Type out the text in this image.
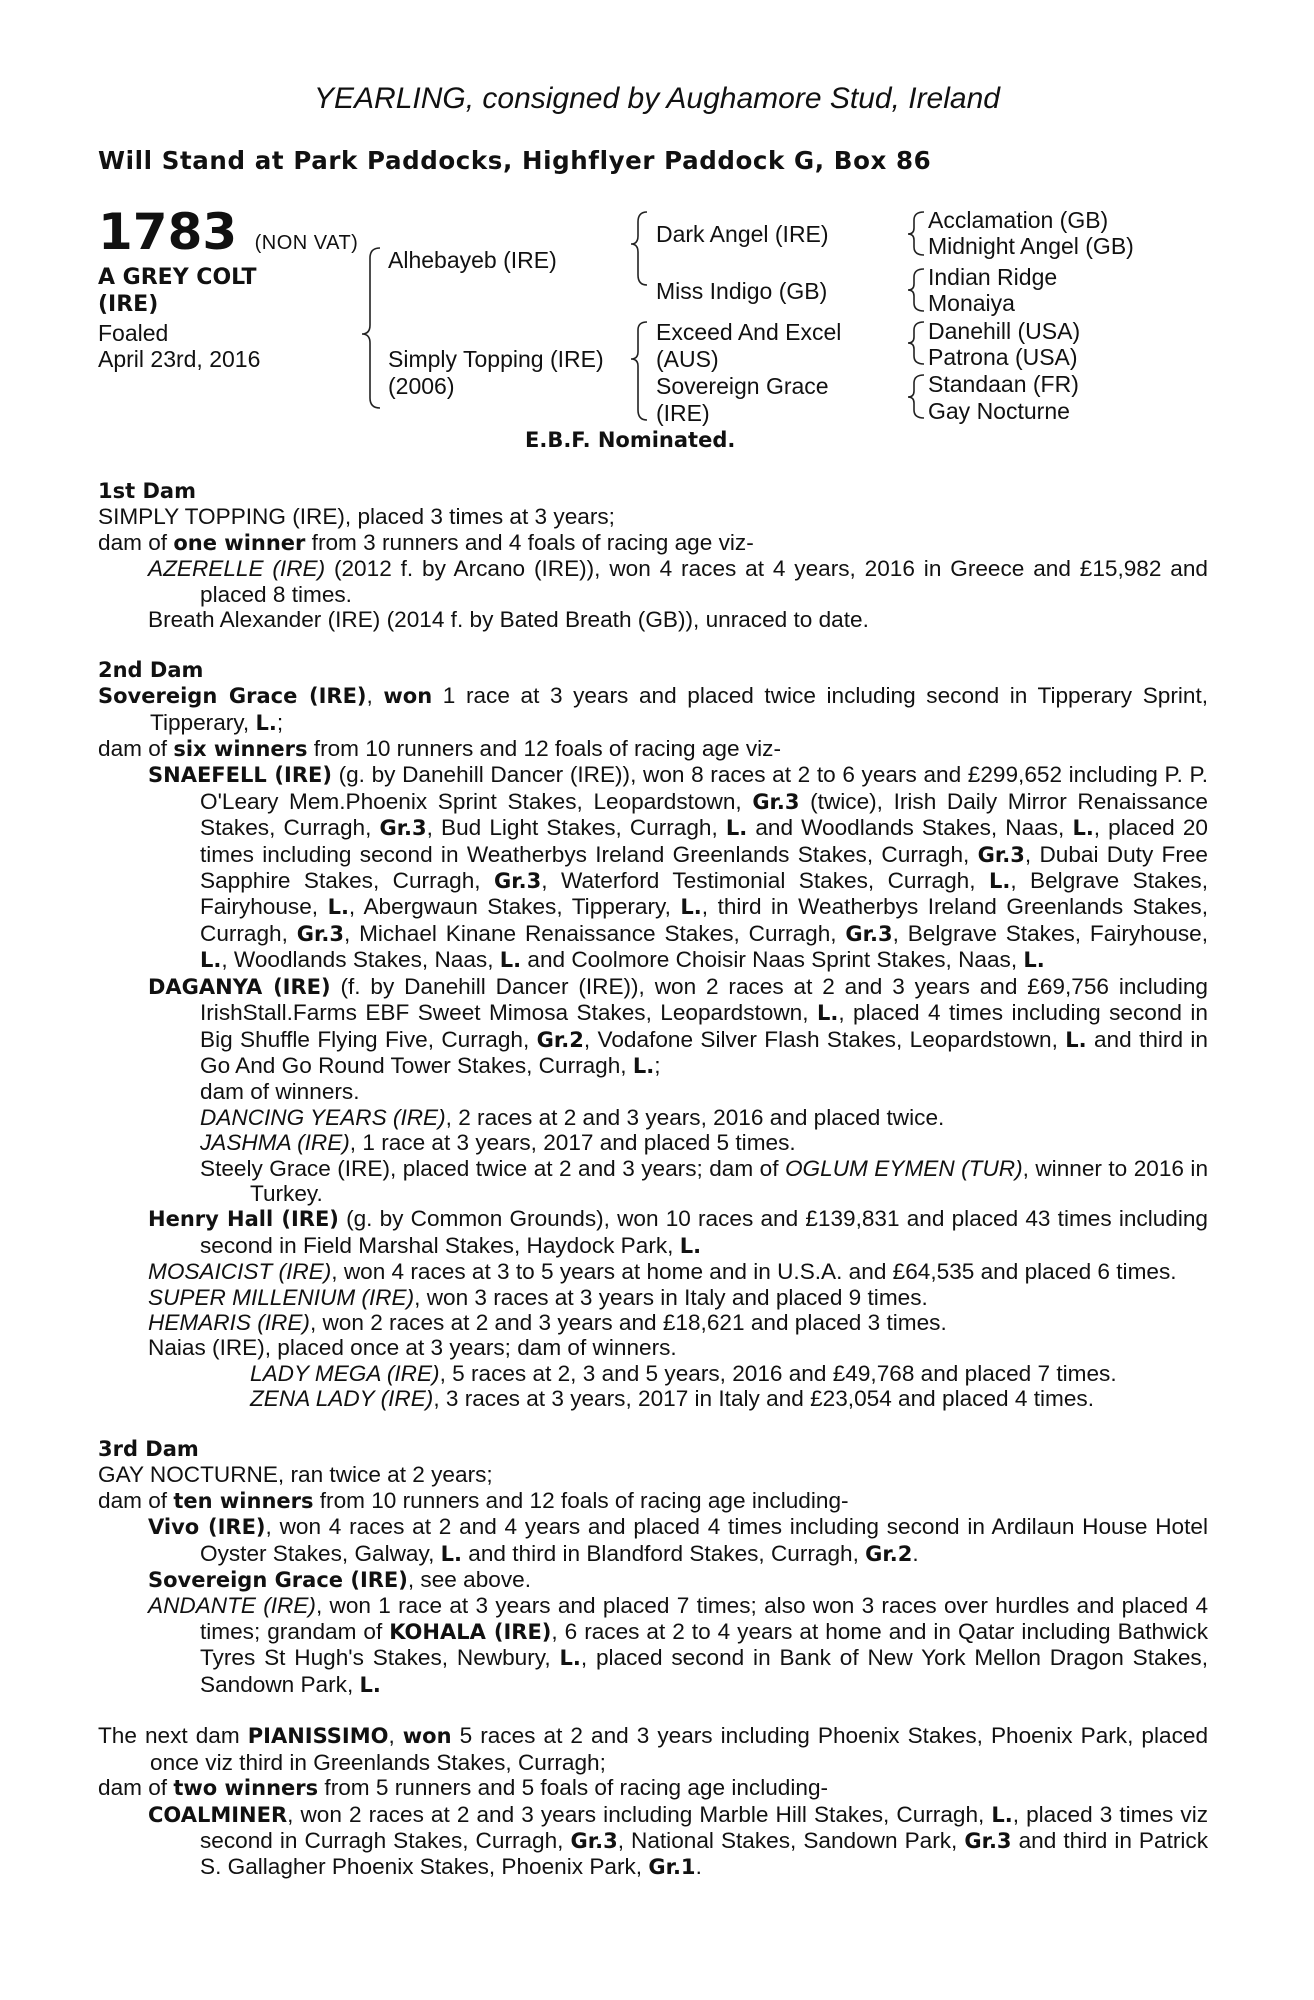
YEARLING, consigned by Aughamore Stud, Ireland
Will Stand at Park Paddocks, Highflyer Paddock G, Box 86
1783 (NON VAT)
A GREY COLT
(IRE)
Foaled
April 23rd, 2016
Alhebayeb (IRE)
Simply Topping (IRE)
(2006)
Dark Angel (IRE)
Miss Indigo (GB)
Exceed And Excel
(AUS)
Sovereign Grace
(IRE)
Acclamation (GB)
Midnight Angel (GB)
Indian Ridge
Monaiya
Danehill (USA)
Patrona (USA)
Standaan (FR)
Gay Nocturne
E.B.F. Nominated.
1st Dam
SIMPLY TOPPING (IRE), placed 3 times at 3 years;
dam of one winner from 3 runners and 4 foals of racing age viz-
AZERELLE (IRE) (2012 f. by Arcano (IRE)), won 4 races at 4 years, 2016 in Greece and £15,982 and placed 8 times.
Breath Alexander (IRE) (2014 f. by Bated Breath (GB)), unraced to date.
2nd Dam
Sovereign Grace (IRE), won 1 race at 3 years and placed twice including second in Tipperary Sprint, Tipperary, L.;
dam of six winners from 10 runners and 12 foals of racing age viz-
SNAEFELL (IRE) (g. by Danehill Dancer (IRE)), won 8 races at 2 to 6 years and £299,652 including P. P. O'Leary Mem.Phoenix Sprint Stakes, Leopardstown, Gr.3 (twice), Irish Daily Mirror Renaissance Stakes, Curragh, Gr.3, Bud Light Stakes, Curragh, L. and Woodlands Stakes, Naas, L., placed 20 times including second in Weatherbys Ireland Greenlands Stakes, Curragh, Gr.3, Dubai Duty Free Sapphire Stakes, Curragh, Gr.3, Waterford Testimonial Stakes, Curragh, L., Belgrave Stakes, Fairyhouse, L., Abergwaun Stakes, Tipperary, L., third in Weatherbys Ireland Greenlands Stakes, Curragh, Gr.3, Michael Kinane Renaissance Stakes, Curragh, Gr.3, Belgrave Stakes, Fairyhouse, L., Woodlands Stakes, Naas, L. and Coolmore Choisir Naas Sprint Stakes, Naas, L.
DAGANYA (IRE) (f. by Danehill Dancer (IRE)), won 2 races at 2 and 3 years and £69,756 including IrishStall.Farms EBF Sweet Mimosa Stakes, Leopardstown, L., placed 4 times including second in Big Shuffle Flying Five, Curragh, Gr.2, Vodafone Silver Flash Stakes, Leopardstown, L. and third in Go And Go Round Tower Stakes, Curragh, L.;
dam of winners.
DANCING YEARS (IRE), 2 races at 2 and 3 years, 2016 and placed twice.
JASHMA (IRE), 1 race at 3 years, 2017 and placed 5 times.
Steely Grace (IRE), placed twice at 2 and 3 years; dam of OGLUM EYMEN (TUR), winner to 2016 in Turkey.
Henry Hall (IRE) (g. by Common Grounds), won 10 races and £139,831 and placed 43 times including second in Field Marshal Stakes, Haydock Park, L.
MOSAICIST (IRE), won 4 races at 3 to 5 years at home and in U.S.A. and £64,535 and placed 6 times.
SUPER MILLENIUM (IRE), won 3 races at 3 years in Italy and placed 9 times.
HEMARIS (IRE), won 2 races at 2 and 3 years and £18,621 and placed 3 times.
Naias (IRE), placed once at 3 years; dam of winners.
LADY MEGA (IRE), 5 races at 2, 3 and 5 years, 2016 and £49,768 and placed 7 times.
ZENA LADY (IRE), 3 races at 3 years, 2017 in Italy and £23,054 and placed 4 times.
3rd Dam
GAY NOCTURNE, ran twice at 2 years;
dam of ten winners from 10 runners and 12 foals of racing age including-
Vivo (IRE), won 4 races at 2 and 4 years and placed 4 times including second in Ardilaun House Hotel Oyster Stakes, Galway, L. and third in Blandford Stakes, Curragh, Gr.2.
Sovereign Grace (IRE), see above.
ANDANTE (IRE), won 1 race at 3 years and placed 7 times; also won 3 races over hurdles and placed 4 times; grandam of KOHALA (IRE), 6 races at 2 to 4 years at home and in Qatar including Bathwick Tyres St Hugh's Stakes, Newbury, L., placed second in Bank of New York Mellon Dragon Stakes, Sandown Park, L.
The next dam PIANISSIMO, won 5 races at 2 and 3 years including Phoenix Stakes, Phoenix Park, placed once viz third in Greenlands Stakes, Curragh;
dam of two winners from 5 runners and 5 foals of racing age including-
COALMINER, won 2 races at 2 and 3 years including Marble Hill Stakes, Curragh, L., placed 3 times viz second in Curragh Stakes, Curragh, Gr.3, National Stakes, Sandown Park, Gr.3 and third in Patrick S. Gallagher Phoenix Stakes, Phoenix Park, Gr.1.
